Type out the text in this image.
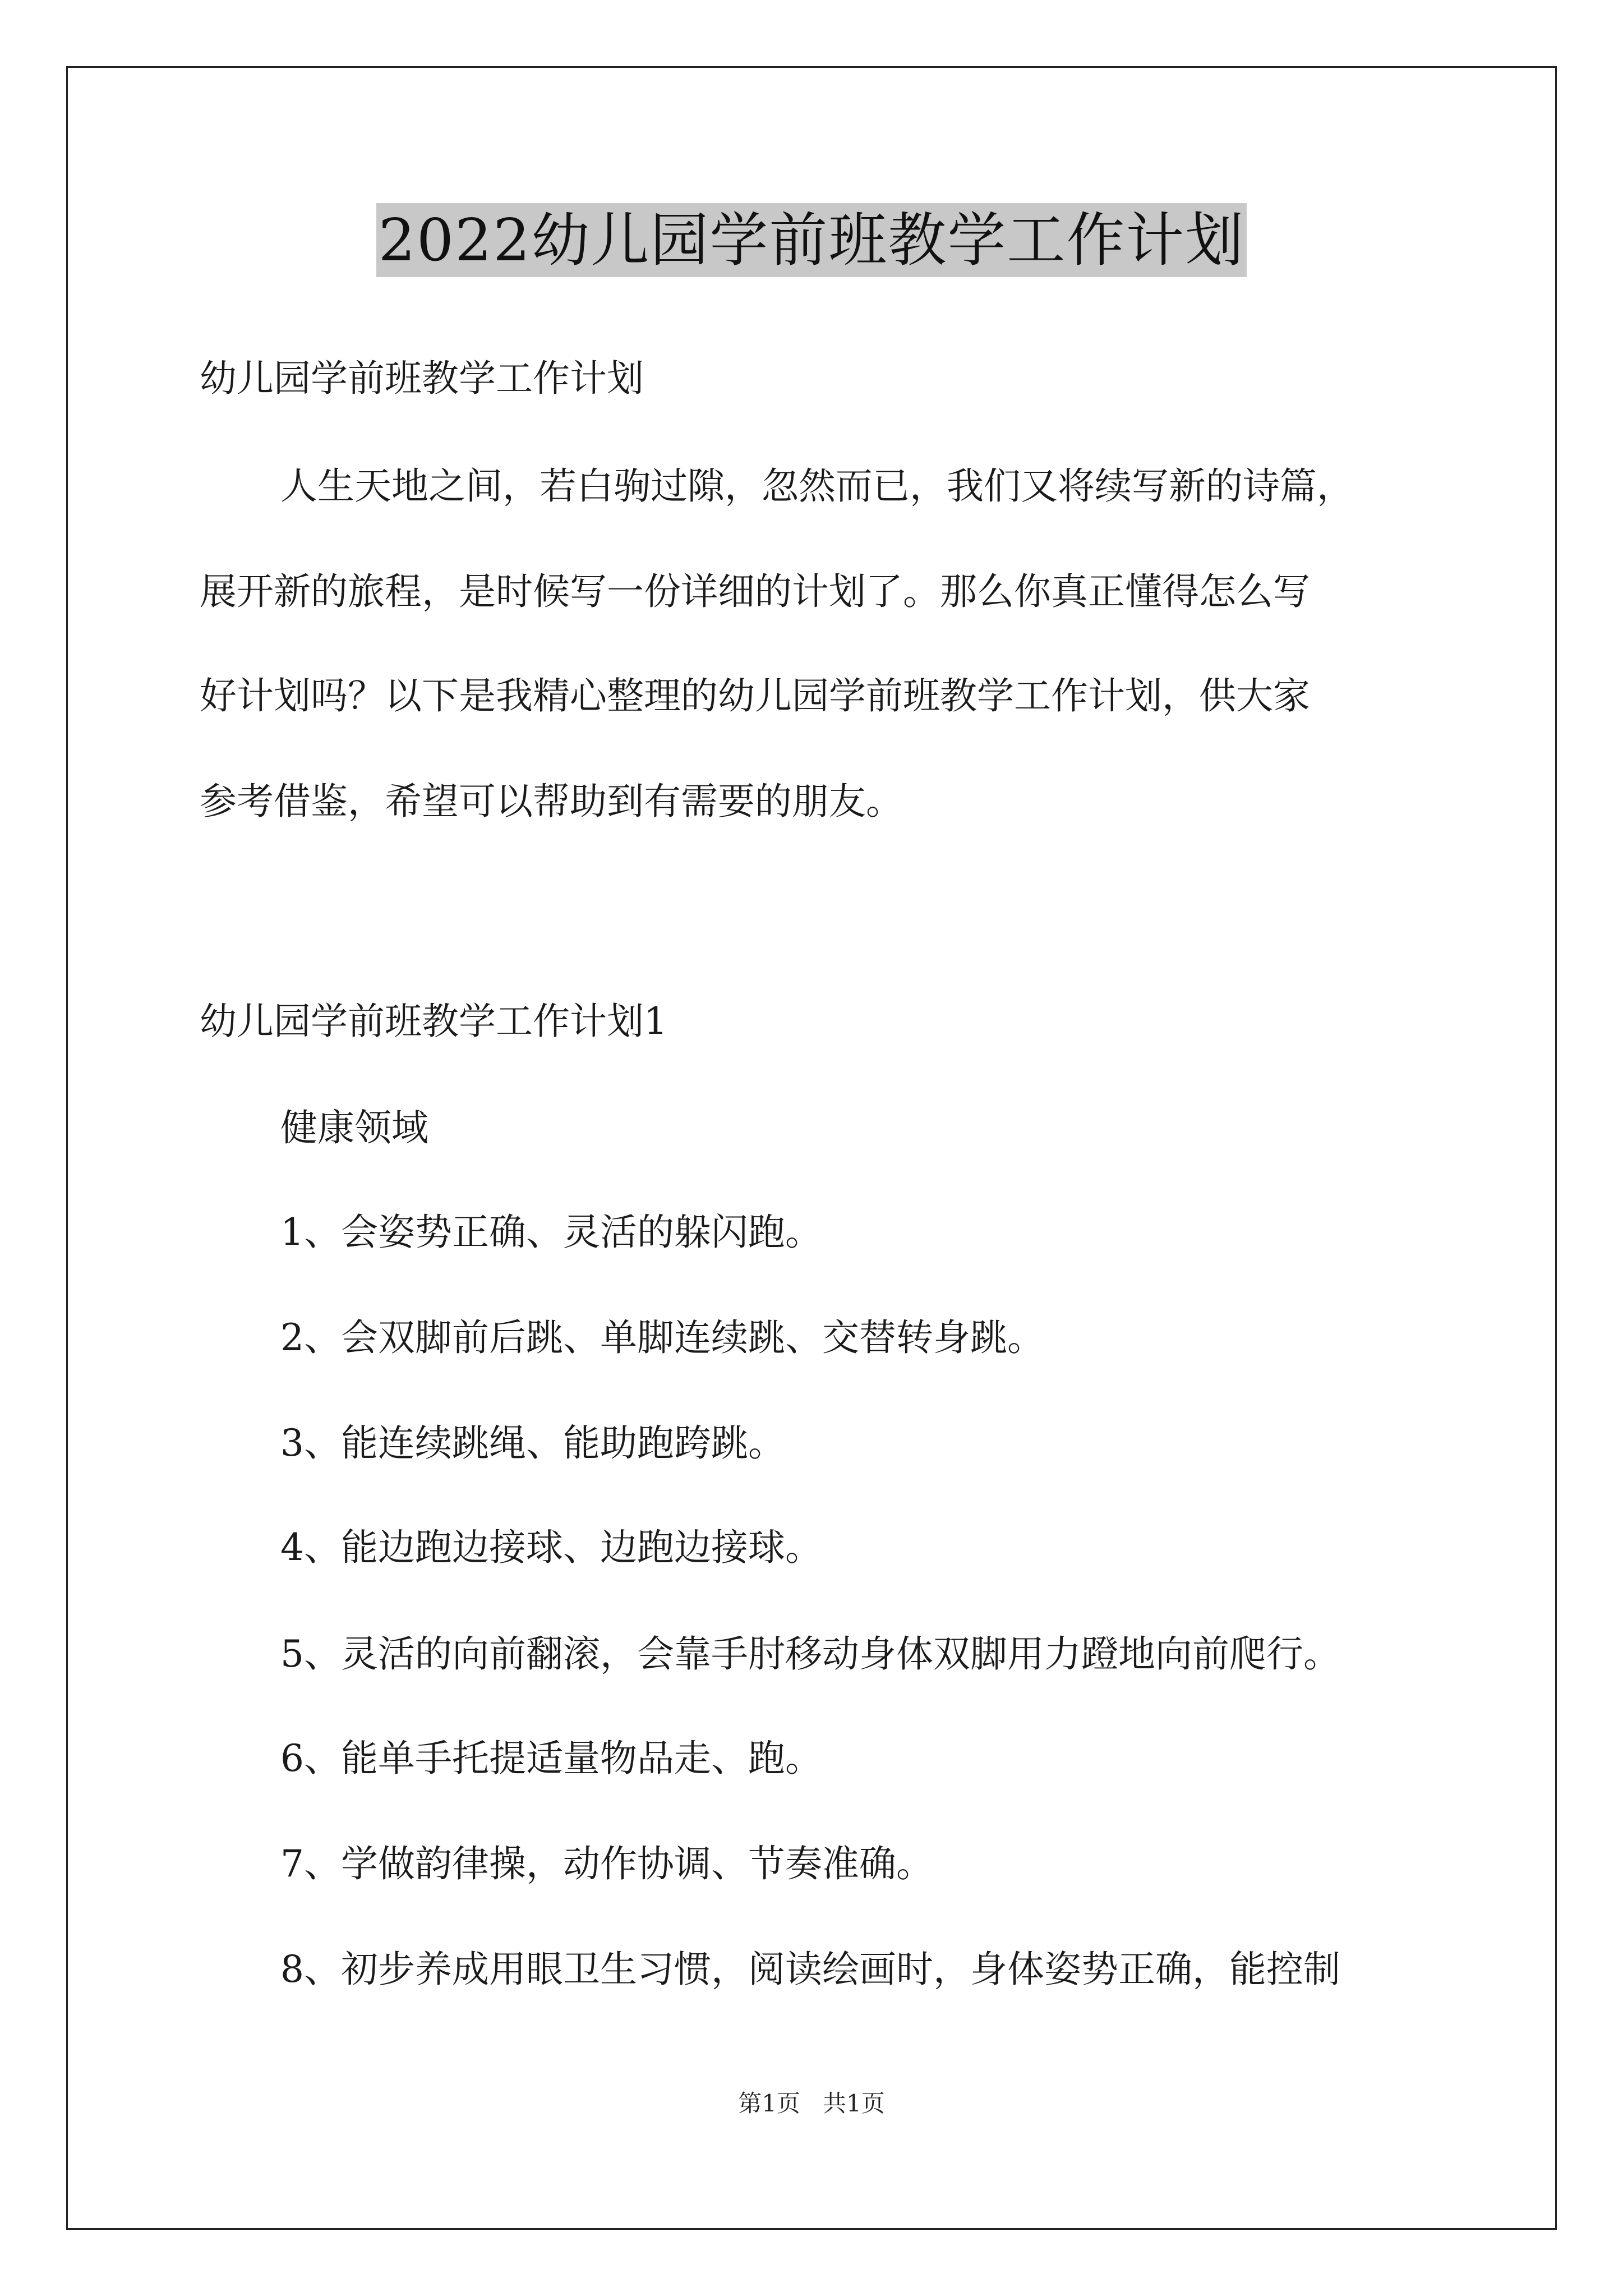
2022幼儿园学前班教学工作计划
幼儿园学前班教学工作计划
人生天地之间，若白驹过隙，忽然而已，我们又将续写新的诗篇，
展开新的旅程，是时候写一份详细的计划了。那么你真正懂得怎么写
好计划吗？以下是我精心整理的幼儿园学前班教学工作计划，供大家
参考借鉴，希望可以帮助到有需要的朋友。
幼儿园学前班教学工作计划1
健康领域
1、会姿势正确、灵活的躲闪跑。
2、会双脚前后跳、单脚连续跳、交替转身跳。
3、能连续跳绳、能助跑跨跳。
4、能边跑边接球、边跑边接球。
5、灵活的向前翻滚，会靠手肘移动身体双脚用力蹬地向前爬行。
6、能单手托提适量物品走、跑。
7、学做韵律操，动作协调、节奏准确。
8、初步养成用眼卫生习惯，阅读绘画时，身体姿势正确，能控制
第1页   共1页
